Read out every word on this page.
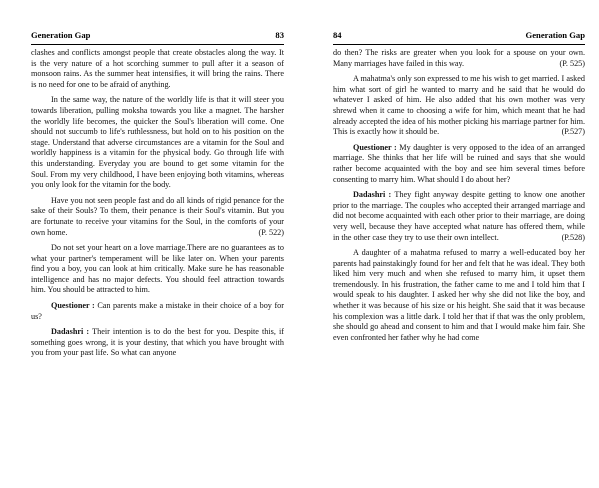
Generation Gap	83

clashes and conflicts amongst people that create obstacles along the way. It is the very nature of a hot scorching summer to pull after it a season of monsoon rains. As the summer heat intensifies, it will bring the rains. There is no need for one to be afraid of anything.

In the same way, the nature of the worldly life is that it will steer you towards liberation, pulling moksha towards you like a magnet. The harsher the worldly life becomes, the quicker the Soul's liberation will come. One should not succumb to life's ruthlessness, but hold on to his position on the stage. Understand that adverse circumstances are a vitamin for the Soul and worldly happiness is a vitamin for the physical body. Go through life with this understanding. Everyday you are bound to get some vitamin for the Soul. From my very childhood, I have been enjoying both vitamins, whereas you only look for the vitamin for the body.

Have you not seen people fast and do all kinds of rigid penance for the sake of their Souls? To them, their penance is their Soul's vitamin. But you are fortunate to receive your vitamins for the Soul, in the comforts of your own home.	(P. 522)

Do not set your heart on a love marriage.There are no guarantees as to what your partner's temperament will be like later on. When your parents find you a boy, you can look at him critically. Make sure he has reasonable intelligence and has no major defects. You should feel attraction towards him. You should be attracted to him.

Questioner : Can parents make a mistake in their choice of a boy for us?

Dadashri : Their intention is to do the best for you. Despite this, if something goes wrong, it is your destiny, that which you have brought with you from your past life. So what can anyone

84	Generation Gap

do then? The risks are greater when you look for a spouse on your own. Many marriages have failed in this way.	(P. 525)

A mahatma's only son expressed to me his wish to get married. I asked him what sort of girl he wanted to marry and he said that he would do whatever I asked of him. He also added that his own mother was very shrewd when it came to choosing a wife for him, which meant that he had already accepted the idea of his mother picking his marriage partner for him. This is exactly how it should be.	(P.527)

Questioner : My daughter is very opposed to the idea of an arranged marriage. She thinks that her life will be ruined and says that she would rather become acquainted with the boy and see him several times before consenting to marry him. What should I do about her?

Dadashri : They fight anyway despite getting to know one another prior to the marriage. The couples who accepted their arranged marriage and did not become acquainted with each other prior to their marriage, are doing very well, because they have accepted what nature has offered them, while in the other case they try to use their own intellect.	(P.528)

A daughter of a mahatma refused to marry a well-educated boy her parents had painstakingly found for her and felt that he was ideal. They both liked him very much and when she refused to marry him, it upset them tremendously. In his frustration, the father came to me and I told him that I would speak to his daughter. I asked her why she did not like the boy, and whether it was because of his size or his height. She said that it was because his complexion was a little dark. I told her that if that was the only problem, she should go ahead and consent to him and that I would make him fair. She even confronted her father why he had come
